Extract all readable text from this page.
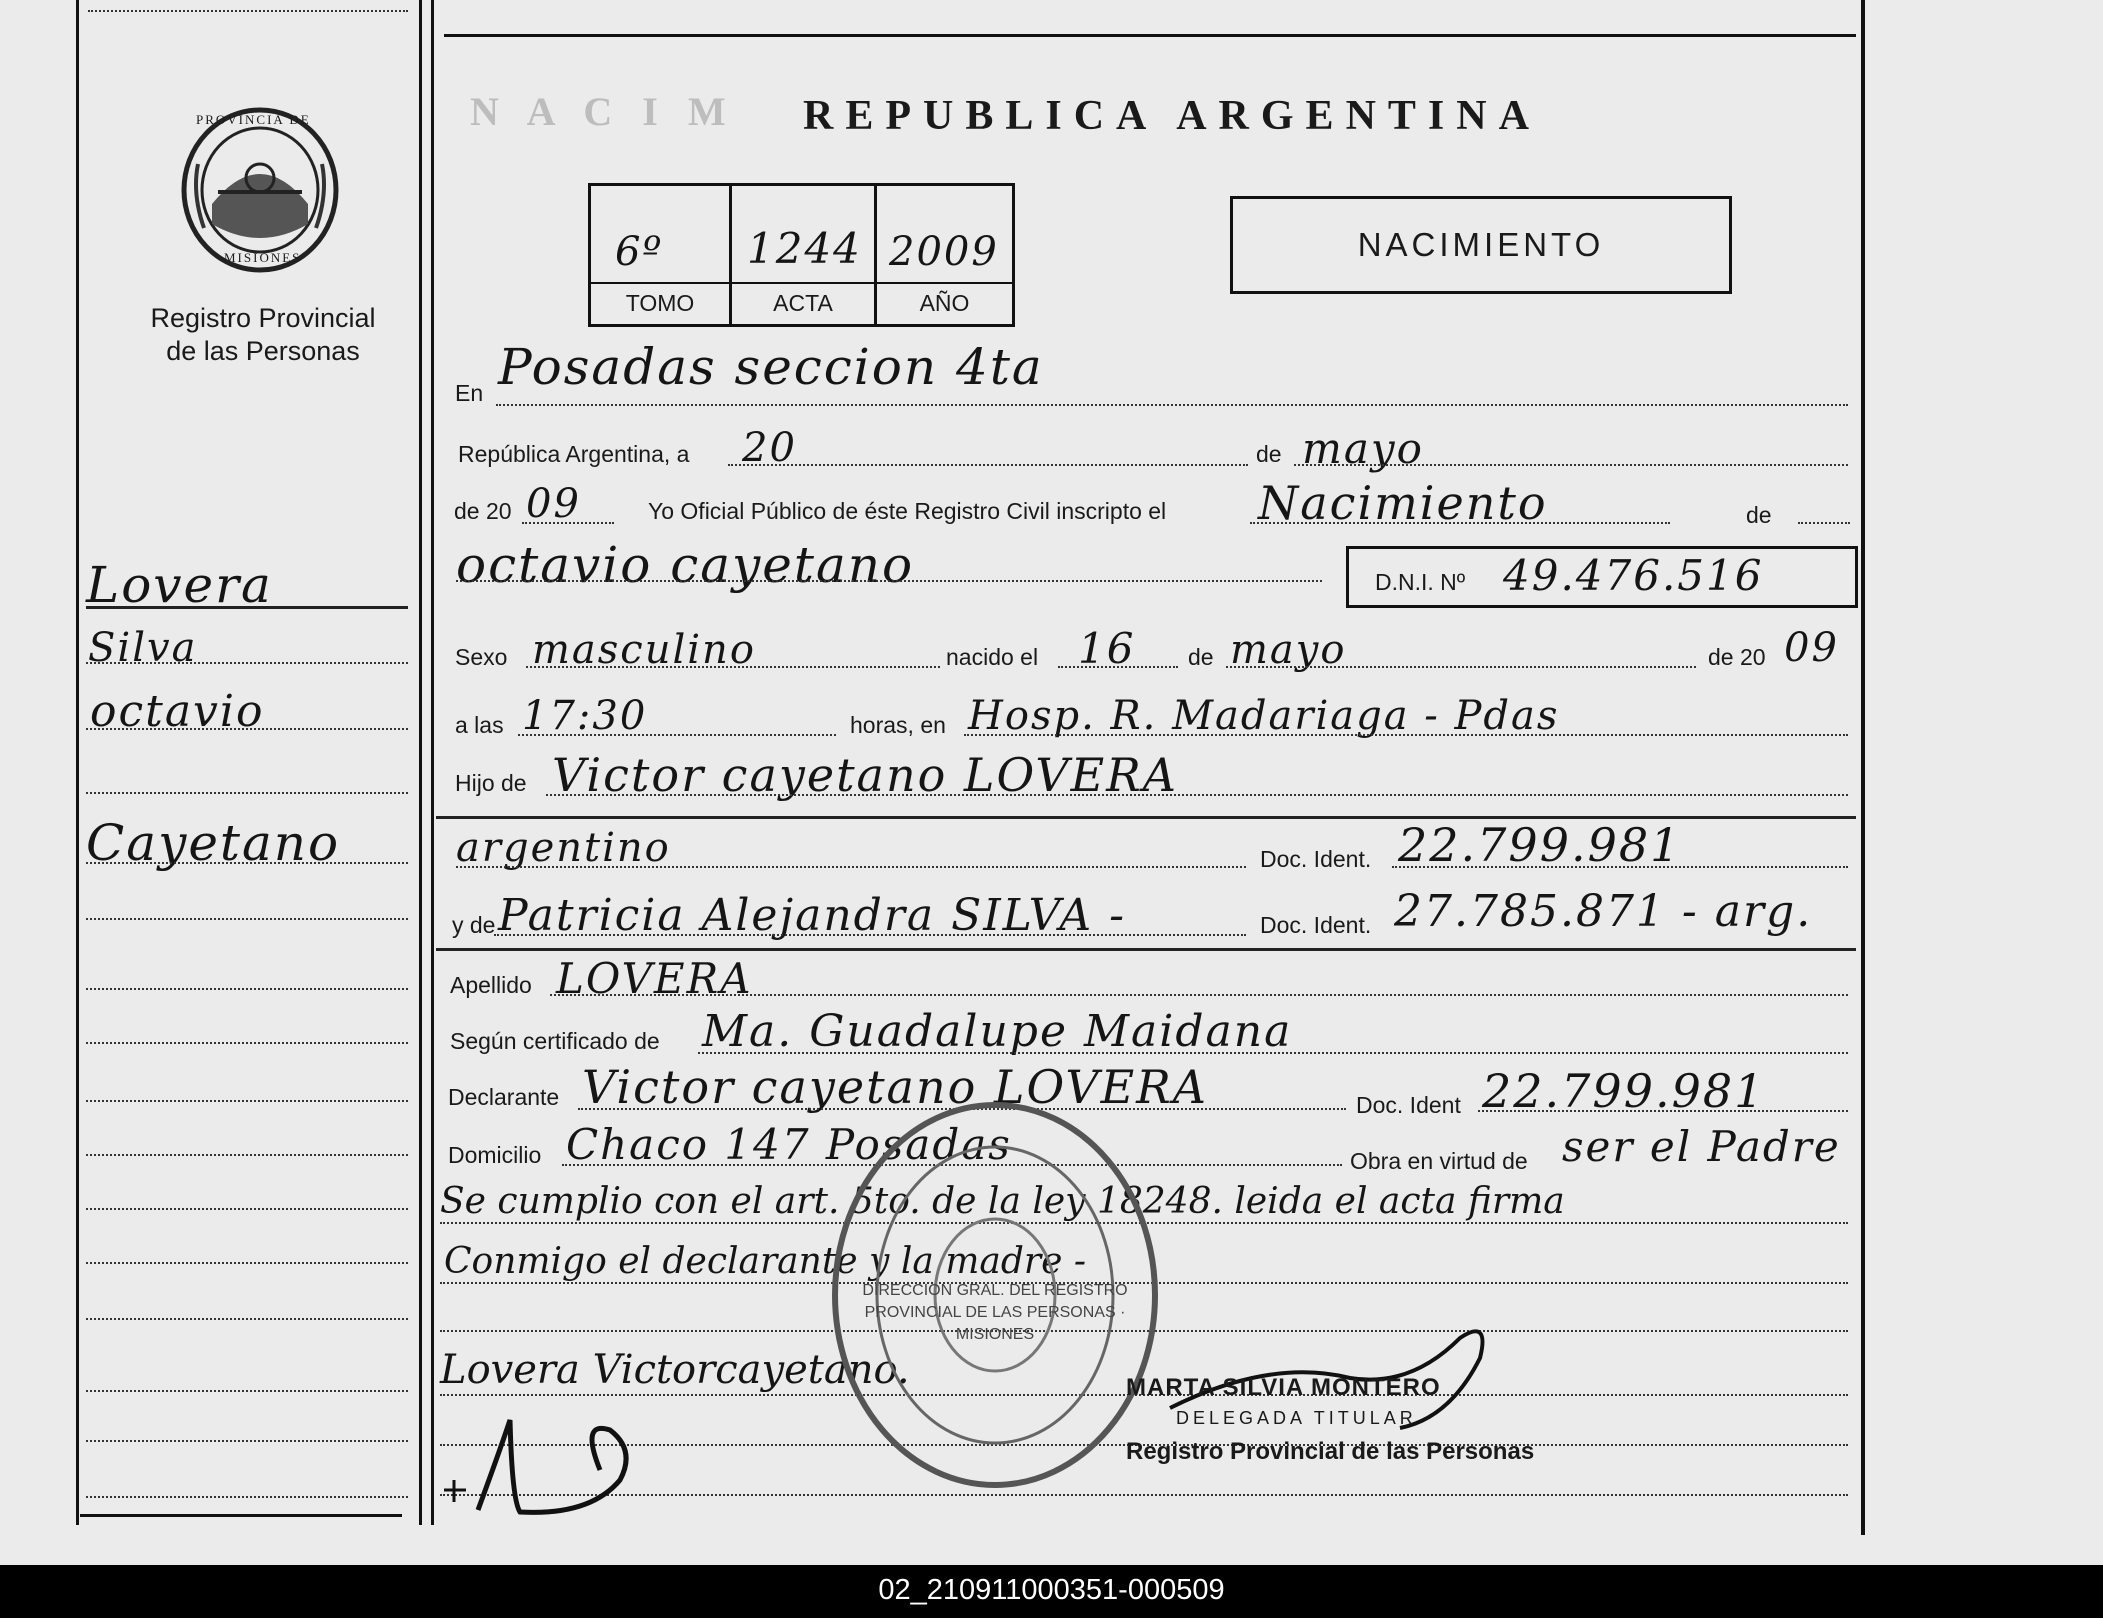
N A C I M
PROVINCIA DE
MISIONES
Registro Provincial
de las Personas
REPUBLICA ARGENTINA
6º 1244 2009
TOMO	ACTA	AÑO
NACIMIENTO
Lovera
Silva
octavio
Cayetano
En Posadas seccion 4ta
República Argentina, a 20	de mayo
de 20 09	Yo Oficial Público de éste Registro Civil inscripto el Nacimiento	de
octavio cayetano	D.N.I. Nº 49.476.516
Sexo masculino	nacido el 16 de mayo	de 20 09
a las 17:30	horas, en Hosp. R. Madariaga - Pdas
Hijo de Victor cayetano LOVERA
argentino	Doc. Ident. 22.799.981
y de Patricia Alejandra SILVA -	Doc. Ident. 27.785.871 - arg.
Apellido LOVERA
Según certificado de Ma. Guadalupe Maidana
Declarante Victor cayetano LOVERA	Doc. Ident 22.799.981
Domicilio Chaco 147 Posadas	Obra en virtud de ser el Padre
Se cumplio con el art. 5to. de la ley 18248. leida el acta firma
Conmigo el declarante y la madre -
Lovera Victorcayetano.
DIRECCION GRAL. DEL REGISTRO PROVINCIAL DE LAS PERSONAS · MISIONES
MARTA SILVIA MONTERO
DELEGADA TITULAR
Registro Provincial de las Personas
02_210911000351-000509
